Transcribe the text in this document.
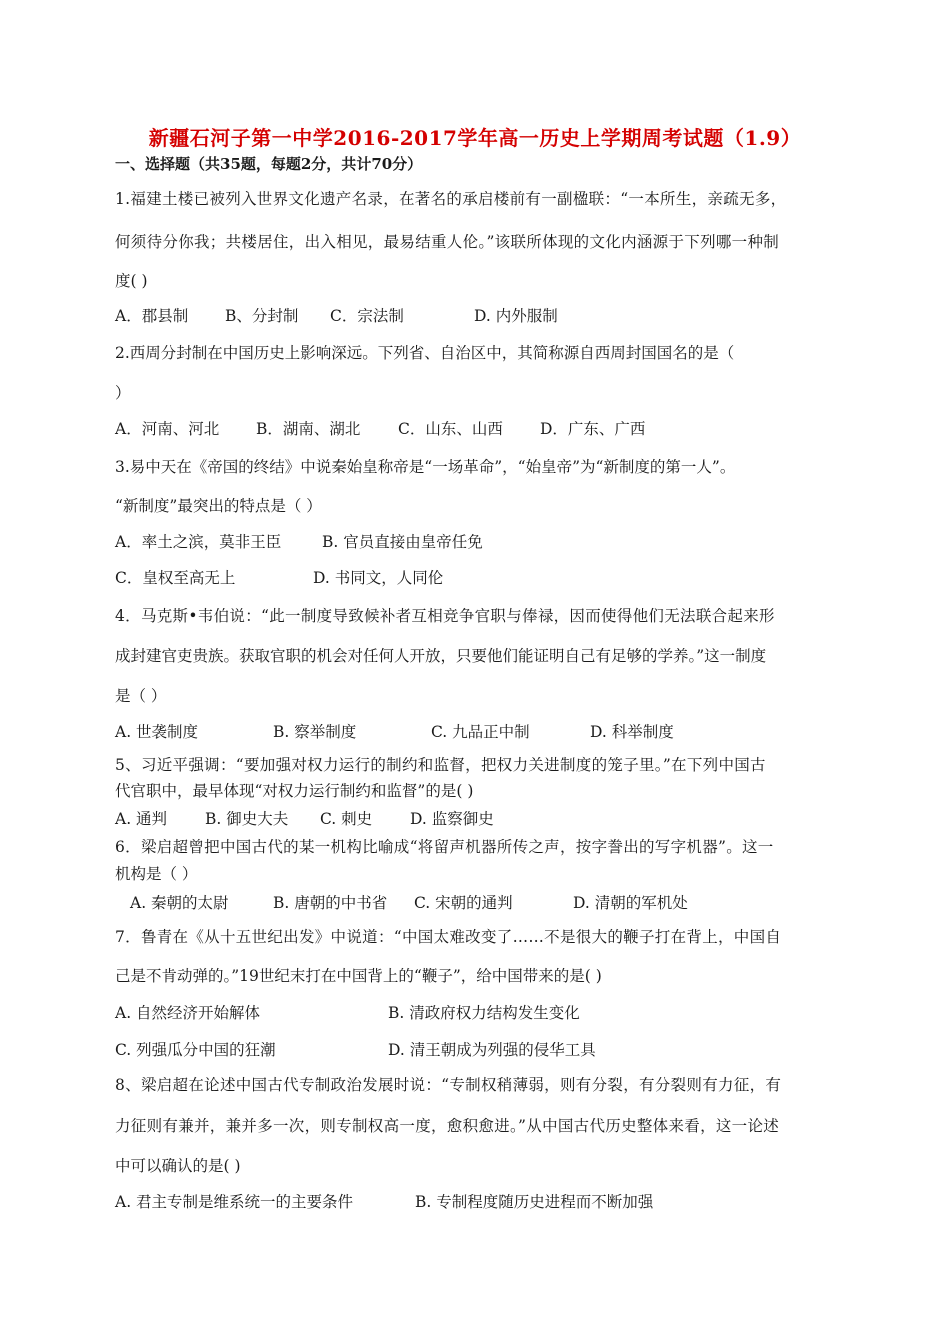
新疆石河子第一中学2016-2017学年高一历史上学期周考试题（1.9）
一、选择题（共35题，每题2分，共计70分）
1.福建土楼已被列入世界文化遗产名录，在著名的承启楼前有一副楹联：“一本所生，亲疏无多，
何须待分你我；共楼居住，出入相见，最易结重人伦。”该联所体现的文化内涵源于下列哪一种制
度( )
A．郡县制 B、分封制 C．宗法制	D. 内外服制
2.西周分封制在中国历史上影响深远。下列省、自治区中，其简称源自西周封国国名的是（
）
A．河南、河北 B．湖南、湖北 C．山东、山西 D．广东、广西
3.易中天在《帝国的终结》中说秦始皇称帝是“一场革命”，“始皇帝”为“新制度的第一人”。
“新制度”最突出的特点是（ ）
A．率土之滨，莫非王臣	B. 官员直接由皇帝任免
C．皇权至高无上	D. 书同文，人同伦
4．马克斯•韦伯说：“此一制度导致候补者互相竞争官职与俸禄，因而使得他们无法联合起来形
成封建官吏贵族。获取官职的机会对任何人开放，只要他们能证明自己有足够的学养。”这一制度
是（ ）
A. 世袭制度	B. 察举制度	C. 九品正中制	D. 科举制度
5、习近平强调：“要加强对权力运行的制约和监督，把权力关进制度的笼子里。”在下列中国古
代官职中，最早体现“对权力运行制约和监督”的是( )
A. 通判 B. 御史大夫 C. 刺史 D. 监察御史
6．梁启超曾把中国古代的某一机构比喻成“将留声机器所传之声，按字誊出的写字机器”。这一
机构是（ ）
A. 秦朝的太尉	B. 唐朝的中书省 C. 宋朝的通判	D. 清朝的军机处
7．鲁青在《从十五世纪出发》中说道：“中国太难改变了……不是很大的鞭子打在背上，中国自
己是不肯动弹的。”19世纪末打在中国背上的“鞭子”，给中国带来的是( )
A. 自然经济开始解体	B. 清政府权力结构发生变化
C. 列强瓜分中国的狂潮	D. 清王朝成为列强的侵华工具
8、梁启超在论述中国古代专制政治发展时说：“专制权稍薄弱，则有分裂，有分裂则有力征，有
力征则有兼并，兼并多一次，则专制权高一度，愈积愈进。”从中国古代历史整体来看，这一论述
中可以确认的是( )
A. 君主专制是维系统一的主要条件	B. 专制程度随历史进程而不断加强
